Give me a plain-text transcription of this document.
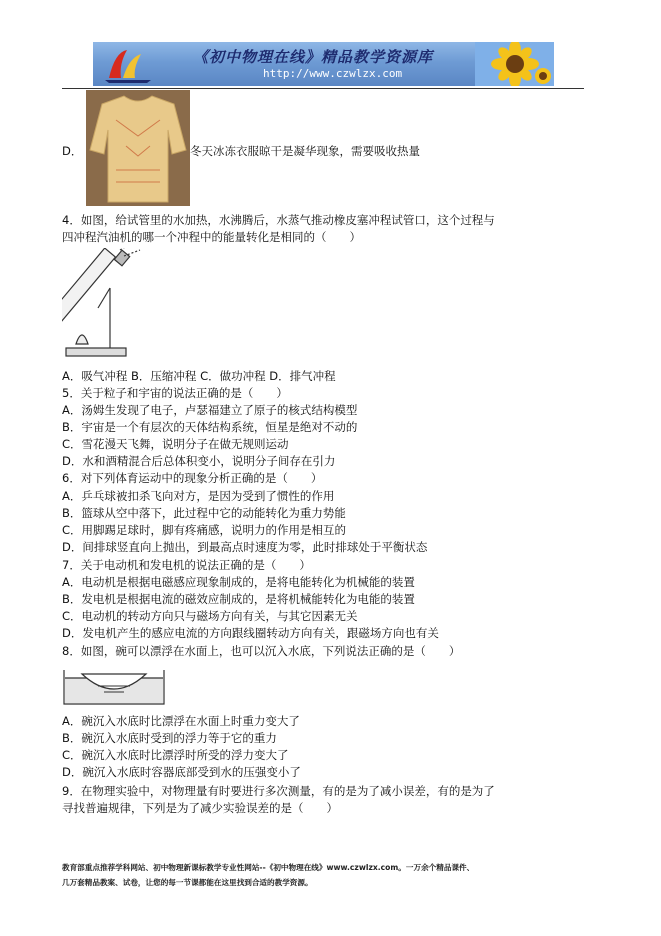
《初中物理在线》精品教学资源库
http://www.czwlzx.com
D．	冬天冰冻衣服晾干是凝华现象，需要吸收热量
4．如图，给试管里的水加热，水沸腾后，水蒸气推动橡皮塞冲程试管口，这个过程与
四冲程汽油机的哪一个冲程中的能量转化是相同的（　　）
A．吸气冲程 B．压缩冲程 C．做功冲程 D．排气冲程
5．关于粒子和宇宙的说法正确的是（　　）
A．汤姆生发现了电子，卢瑟福建立了原子的核式结构模型
B．宇宙是一个有层次的天体结构系统，恒星是绝对不动的
C．雪花漫天飞舞，说明分子在做无规则运动
D．水和酒精混合后总体积变小，说明分子间存在引力
6．对下列体育运动中的现象分析正确的是（　　）
A．乒乓球被扣杀飞向对方，是因为受到了惯性的作用
B．篮球从空中落下，此过程中它的动能转化为重力势能
C．用脚踢足球时，脚有疼痛感，说明力的作用是相互的
D．间排球竖直向上抛出，到最高点时速度为零，此时排球处于平衡状态
7．关于电动机和发电机的说法正确的是（　　）
A．电动机是根据电磁感应现象制成的，是将电能转化为机械能的装置
B．发电机是根据电流的磁效应制成的，是将机械能转化为电能的装置
C．电动机的转动方向只与磁场方向有关，与其它因素无关
D．发电机产生的感应电流的方向跟线圈转动方向有关，跟磁场方向也有关
8．如图，碗可以漂浮在水面上，也可以沉入水底，下列说法正确的是（　　）
A．碗沉入水底时比漂浮在水面上时重力变大了
B．碗沉入水底时受到的浮力等于它的重力
C．碗沉入水底时比漂浮时所受的浮力变大了
D．碗沉入水底时容器底部受到水的压强变小了
9．在物理实验中，对物理量有时要进行多次测量，有的是为了减小误差，有的是为了
寻找普遍规律，下列是为了减少实验误差的是（　　）
教育部重点推荐学科网站、初中物理新课标教学专业性网站--《初中物理在线》www.czwlzx.com。一万余个精品课件、
几万套精品教案、试卷，让您的每一节课都能在这里找到合适的教学资源。
